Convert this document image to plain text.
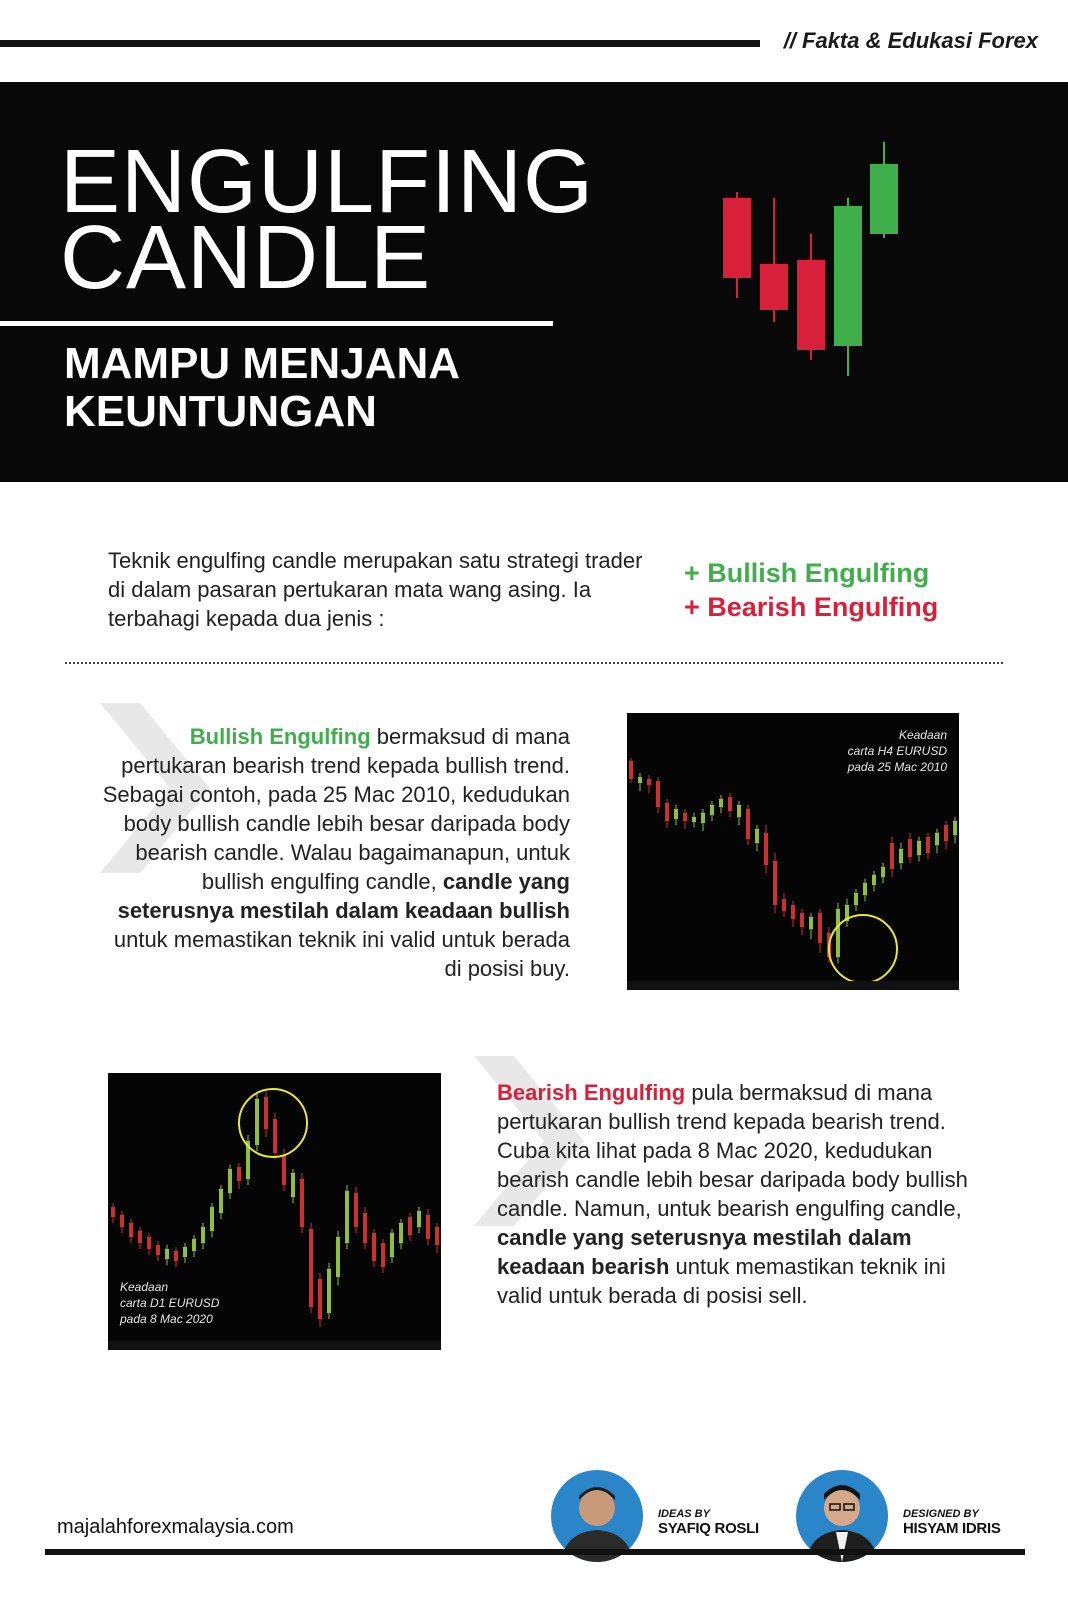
// Fakta & Edukasi Forex
ENGULFING
CANDLE
MAMPU MENJANA
KEUNTUNGAN
Teknik engulfing candle merupakan satu strategi trader di dalam pasaran pertukaran mata wang asing. Ia terbahagi kepada dua jenis :
+ Bullish Engulfing
+ Bearish Engulfing
Bullish Engulfing bermaksud di mana pertukaran bearish trend kepada bullish trend. Sebagai contoh, pada 25 Mac 2010, kedudukan body bullish candle lebih besar daripada body bearish candle. Walau bagaimanapun, untuk bullish engulfing candle, candle yang seterusnya mestilah dalam keadaan bullish untuk memastikan teknik ini valid untuk berada di posisi buy.
Keadaan
carta H4 EURUSD
pada 25 Mac 2010
Keadaan
carta D1 EURUSD
pada 8 Mac 2020
Bearish Engulfing pula bermaksud di mana pertukaran bullish trend kepada bearish trend. Cuba kita lihat pada 8 Mac 2020, kedudukan bearish candle lebih besar daripada body bullish candle. Namun, untuk bearish engulfing candle, candle yang seterusnya mestilah dalam keadaan bearish untuk memastikan teknik ini valid untuk berada di posisi sell.
majalahforexmalaysia.com
IDEAS BY
SYAFIQ ROSLI
DESIGNED BY
HISYAM IDRIS
